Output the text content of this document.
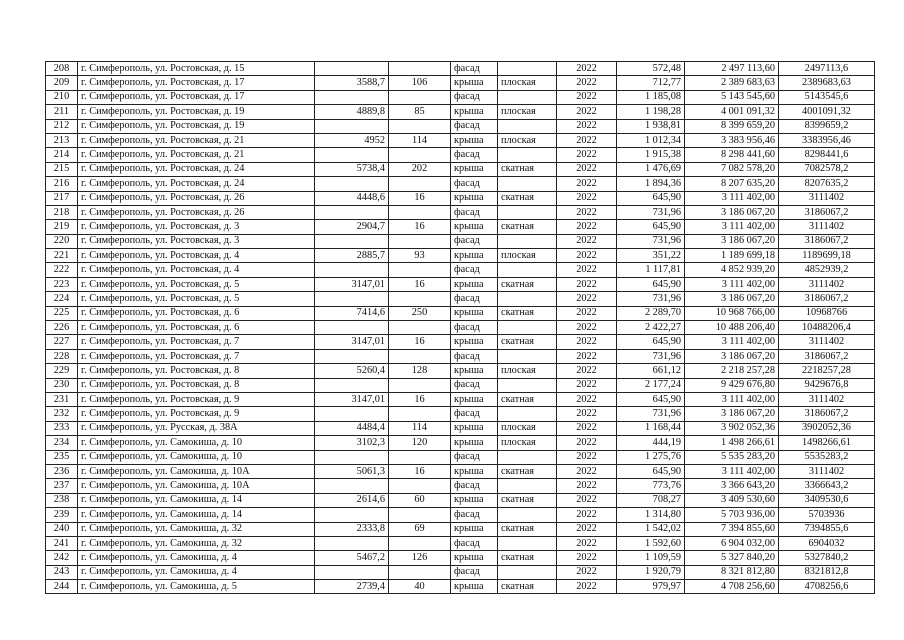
208	г. Симферополь, ул. Ростовская, д. 15			фасад		2022	572,48	2 497 113,60	2497113,6
209	г. Симферополь, ул. Ростовская, д. 17	3588,7	106	крыша	плоская	2022	712,77	2 389 683,63	2389683,63
210	г. Симферополь, ул. Ростовская, д. 17			фасад		2022	1 185,08	5 143 545,60	5143545,6
211	г. Симферополь, ул. Ростовская, д. 19	4889,8	85	крыша	плоская	2022	1 198,28	4 001 091,32	4001091,32
212	г. Симферополь, ул. Ростовская, д. 19			фасад		2022	1 938,81	8 399 659,20	8399659,2
213	г. Симферополь, ул. Ростовская, д. 21	4952	114	крыша	плоская	2022	1 012,34	3 383 956,46	3383956,46
214	г. Симферополь, ул. Ростовская, д. 21			фасад		2022	1 915,38	8 298 441,60	8298441,6
215	г. Симферополь, ул. Ростовская, д. 24	5738,4	202	крыша	скатная	2022	1 476,69	7 082 578,20	7082578,2
216	г. Симферополь, ул. Ростовская, д. 24			фасад		2022	1 894,36	8 207 635,20	8207635,2
217	г. Симферополь, ул. Ростовская, д. 26	4448,6	16	крыша	скатная	2022	645,90	3 111 402,00	3111402
218	г. Симферополь, ул. Ростовская, д. 26			фасад		2022	731,96	3 186 067,20	3186067,2
219	г. Симферополь, ул. Ростовская, д. 3	2904,7	16	крыша	скатная	2022	645,90	3 111 402,00	3111402
220	г. Симферополь, ул. Ростовская, д. 3			фасад		2022	731,96	3 186 067,20	3186067,2
221	г. Симферополь, ул. Ростовская, д. 4	2885,7	93	крыша	плоская	2022	351,22	1 189 699,18	1189699,18
222	г. Симферополь, ул. Ростовская, д. 4			фасад		2022	1 117,81	4 852 939,20	4852939,2
223	г. Симферополь, ул. Ростовская, д. 5	3147,01	16	крыша	скатная	2022	645,90	3 111 402,00	3111402
224	г. Симферополь, ул. Ростовская, д. 5			фасад		2022	731,96	3 186 067,20	3186067,2
225	г. Симферополь, ул. Ростовская, д. 6	7414,6	250	крыша	скатная	2022	2 289,70	10 968 766,00	10968766
226	г. Симферополь, ул. Ростовская, д. 6			фасад		2022	2 422,27	10 488 206,40	10488206,4
227	г. Симферополь, ул. Ростовская, д. 7	3147,01	16	крыша	скатная	2022	645,90	3 111 402,00	3111402
228	г. Симферополь, ул. Ростовская, д. 7			фасад		2022	731,96	3 186 067,20	3186067,2
229	г. Симферополь, ул. Ростовская, д. 8	5260,4	128	крыша	плоская	2022	661,12	2 218 257,28	2218257,28
230	г. Симферополь, ул. Ростовская, д. 8			фасад		2022	2 177,24	9 429 676,80	9429676,8
231	г. Симферополь, ул. Ростовская, д. 9	3147,01	16	крыша	скатная	2022	645,90	3 111 402,00	3111402
232	г. Симферополь, ул. Ростовская, д. 9			фасад		2022	731,96	3 186 067,20	3186067,2
233	г. Симферополь, ул. Русская, д. 38А	4484,4	114	крыша	плоская	2022	1 168,44	3 902 052,36	3902052,36
234	г. Симферополь, ул. Самокиша, д. 10	3102,3	120	крыша	плоская	2022	444,19	1 498 266,61	1498266,61
235	г. Симферополь, ул. Самокиша, д. 10			фасад		2022	1 275,76	5 535 283,20	5535283,2
236	г. Симферополь, ул. Самокиша, д. 10А	5061,3	16	крыша	скатная	2022	645,90	3 111 402,00	3111402
237	г. Симферополь, ул. Самокиша, д. 10А			фасад		2022	773,76	3 366 643,20	3366643,2
238	г. Симферополь, ул. Самокиша, д. 14	2614,6	60	крыша	скатная	2022	708,27	3 409 530,60	3409530,6
239	г. Симферополь, ул. Самокиша, д. 14			фасад		2022	1 314,80	5 703 936,00	5703936
240	г. Симферополь, ул. Самокиша, д. 32	2333,8	69	крыша	скатная	2022	1 542,02	7 394 855,60	7394855,6
241	г. Симферополь, ул. Самокиша, д. 32			фасад		2022	1 592,60	6 904 032,00	6904032
242	г. Симферополь, ул. Самокиша, д. 4	5467,2	126	крыша	скатная	2022	1 109,59	5 327 840,20	5327840,2
243	г. Симферополь, ул. Самокиша, д. 4			фасад		2022	1 920,79	8 321 812,80	8321812,8
244	г. Симферополь, ул. Самокиша, д. 5	2739,4	40	крыша	скатная	2022	979,97	4 708 256,60	4708256,6
